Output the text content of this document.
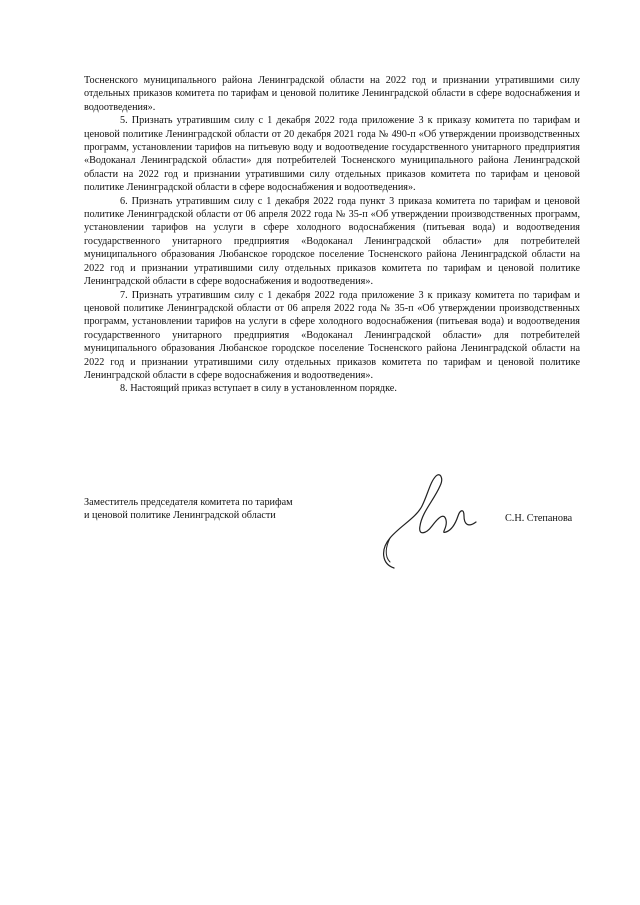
Тосненского муниципального района Ленинградской области на 2022 год и признании утратившими силу отдельных приказов комитета по тарифам и ценовой политике Ленинградской области в сфере водоснабжения и водоотведения».

5. Признать утратившим силу с 1 декабря 2022 года приложение 3 к приказу комитета по тарифам и ценовой политике Ленинградской области от 20 декабря 2021 года № 490-п «Об утверждении производственных программ, установлении тарифов на питьевую воду и водоотведение государственного унитарного предприятия «Водоканал Ленинградской области» для потребителей Тосненского муниципального района Ленинградской области на 2022 год и признании утратившими силу отдельных приказов комитета по тарифам и ценовой политике Ленинградской области в сфере водоснабжения и водоотведения».

6. Признать утратившим силу с 1 декабря 2022 года пункт 3 приказа комитета по тарифам и ценовой политике Ленинградской области от 06 апреля 2022 года № 35-п «Об утверждении производственных программ, установлении тарифов на услуги в сфере холодного водоснабжения (питьевая вода) и водоотведения государственного унитарного предприятия «Водоканал Ленинградской области» для потребителей муниципального образования Любанское городское поселение Тосненского района Ленинградской области на 2022 год и признании утратившими силу отдельных приказов комитета по тарифам и ценовой политике Ленинградской области в сфере водоснабжения и водоотведения».

7. Признать утратившим силу с 1 декабря 2022 года приложение 3 к приказу комитета по тарифам и ценовой политике Ленинградской области от 06 апреля 2022 года № 35-п «Об утверждении производственных программ, установлении тарифов на услуги в сфере холодного водоснабжения (питьевая вода) и водоотведения государственного унитарного предприятия «Водоканал Ленинградской области» для потребителей муниципального образования Любанское городское поселение Тосненского района Ленинградской области на 2022 год и признании утратившими силу отдельных приказов комитета по тарифам и ценовой политике Ленинградской области в сфере водоснабжения и водоотведения».

8. Настоящий приказ вступает в силу в установленном порядке.

Заместитель председателя комитета по тарифам
и ценовой политике Ленинградской области	С.Н. Степанова
